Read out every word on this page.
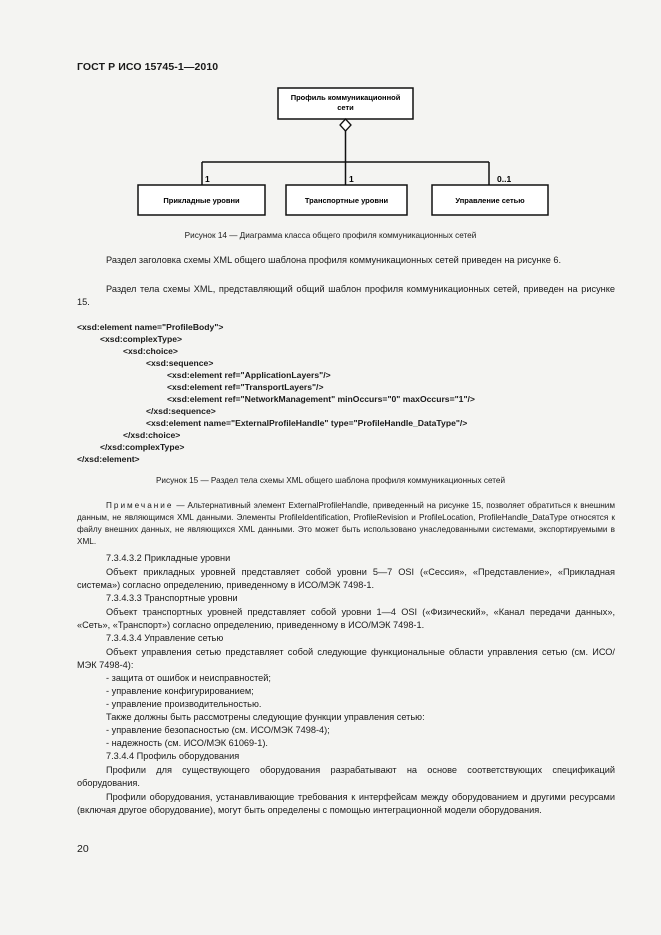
ГОСТ Р ИСО 15745-1—2010
Профиль коммуникационной
сети
1	1	0..1
Прикладные уровни	Транспортные уровни	Управление сетью
Рисунок 14 — Диаграмма класса общего профиля коммуникационных сетей
Раздел заголовка схемы XML общего шаблона профиля коммуникационных сетей приведен на рисунке 6.
Раздел тела схемы XML, представляющий общий шаблон профиля коммуникационных сетей, приведен на рисунке 15.
<xsd:element name="ProfileBody">
<xsd:complexType>
<xsd:choice>
<xsd:sequence>
<xsd:element ref="ApplicationLayers"/>
<xsd:element ref="TransportLayers"/>
<xsd:element ref="NetworkManagement" minOccurs="0" maxOccurs="1"/>
</xsd:sequence>
<xsd:element name="ExternalProfileHandle" type="ProfileHandle_DataType"/>
</xsd:choice>
</xsd:complexType>
</xsd:element>
Рисунок 15 — Раздел тела схемы XML общего шаблона профиля коммуникационных сетей
Примечание — Альтернативный элемент ExternalProfileHandle, приведенный на рисунке 15, позволяет обратиться к внешним данным, не являющимся XML данными. Элементы ProfileIdentification, ProfileRevision и ProfileLocation, ProfileHandle_DataType относятся к файлу внешних данных, не являющихся XML данными. Это может быть использовано унаследованными системами, экспортируемыми в XML.
7.3.4.3.2 Прикладные уровни
Объект прикладных уровней представляет собой уровни 5—7 OSI («Сессия», «Представление», «Прикладная система») согласно определению, приведенному в ИСО/МЭК 7498-1.
7.3.4.3.3 Транспортные уровни
Объект транспортных уровней представляет собой уровни 1—4 OSI («Физический», «Канал передачи данных», «Сеть», «Транспорт») согласно определению, приведенному в ИСО/МЭК 7498-1.
7.3.4.3.4 Управление сетью
Объект управления сетью представляет собой следующие функциональные области управления сетью (см. ИСО/МЭК 7498-4):
- защита от ошибок и неисправностей;
- управление конфигурированием;
- управление производительностью.
Также должны быть рассмотрены следующие функции управления сетью:
- управление безопасностью (см. ИСО/МЭК 7498-4);
- надежность (см. ИСО/МЭК 61069-1).
7.3.4.4 Профиль оборудования
Профили для существующего оборудования разрабатывают на основе соответствующих спецификаций оборудования.
Профили оборудования, устанавливающие требования к интерфейсам между оборудованием и другими ресурсами (включая другое оборудование), могут быть определены с помощью интеграционной модели оборудования.
20
